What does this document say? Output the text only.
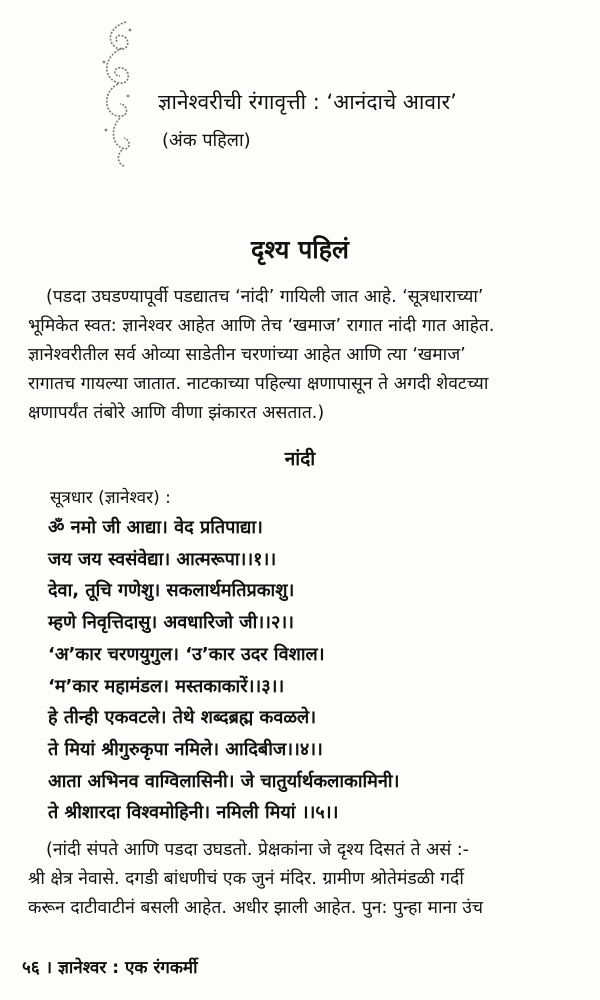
ज्ञानेश्वरीची रंगावृत्ती : ‘आनंदाचे आवार’
(अंक पहिला)
दृश्य पहिलं
(पडदा उघडण्यापूर्वी पडद्यातच ‘नांदी’ गायिली जात आहे. ‘सूत्रधाराच्या’
भूमिकेत स्वत: ज्ञानेश्वर आहेत आणि तेच ‘खमाज’ रागात नांदी गात आहेत.
ज्ञानेश्वरीतील सर्व ओव्या साडेतीन चरणांच्या आहेत आणि त्या ‘खमाज’
रागातच गायल्या जातात. नाटकाच्या पहिल्या क्षणापासून ते अगदी शेवटच्या
क्षणापर्यंत तंबोरे आणि वीणा झंकारत असतात.)
नांदी
सूत्रधार (ज्ञानेश्वर) :
ॐ नमो जी आद्या। वेद प्रतिपाद्या।
जय जय स्वसंवेद्या। आत्मरूपा।।१।।
देवा, तूचि गणेशु। सकलार्थमतिप्रकाशु।
म्हणे निवृत्तिदासु। अवधारिजो जी।।२।।
‘अ’कार चरणयुगुल। ‘उ’कार उदर विशाल।
‘म’कार महामंडल। मस्तकाकारें।।३।।
हे तीन्ही एकवटले। तेथे शब्दब्रह्म कवळले।
ते मियां श्रीगुरुकृपा नमिले। आदिबीज।।४।।
आता अभिनव वाग्विलासिनी। जे चातुर्यार्थकलाकामिनी।
ते श्रीशारदा विश्वमोहिनी। नमिली मियां ।।५।।
(नांदी संपते आणि पडदा उघडतो. प्रेक्षकांना जे दृश्य दिसतं ते असं :-
श्री क्षेत्र नेवासे. दगडी बांधणीचं एक जुनं मंदिर. ग्रामीण श्रोतेमंडळी गर्दी
करून दाटीवाटीनं बसली आहेत. अधीर झाली आहेत. पुन: पुन्हा माना उंच
५६ । ज्ञानेश्वर : एक रंगकर्मी
